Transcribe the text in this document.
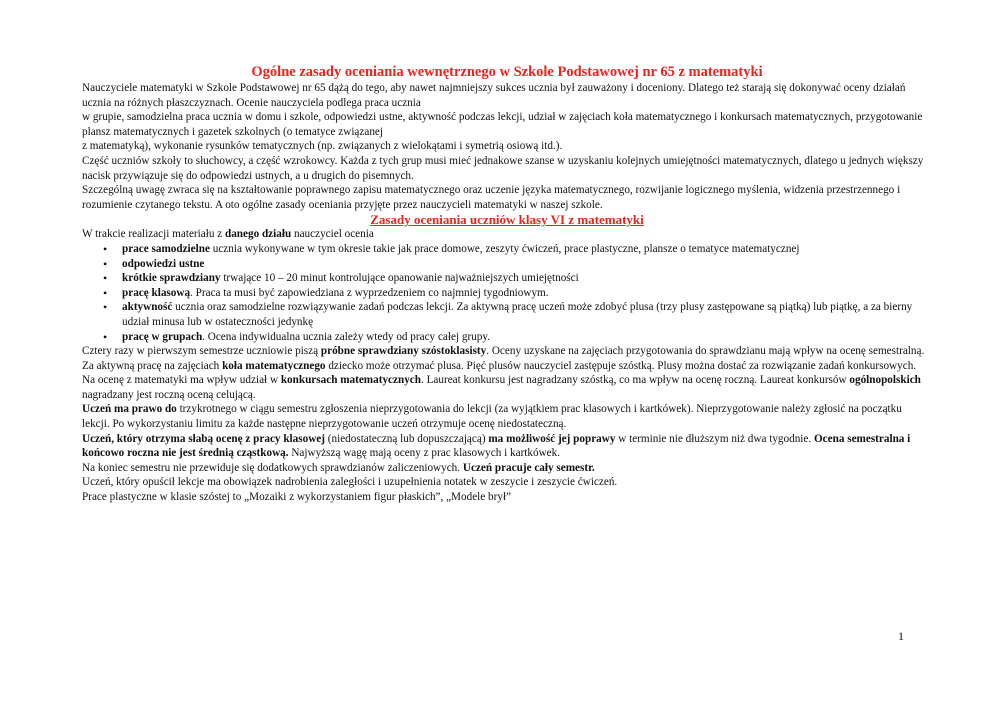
Ogólne zasady oceniania wewnętrznego w Szkole Podstawowej nr 65 z matematyki

Nauczyciele matematyki w Szkole Podstawowej nr 65 dążą do tego, aby nawet najmniejszy sukces ucznia był zauważony i doceniony. Dlatego też starają się dokonywać oceny działań ucznia na różnych płaszczyznach. Ocenie nauczyciela podlega praca ucznia

w grupie, samodzielna praca ucznia w domu i szkole, odpowiedzi ustne, aktywność podczas lekcji, udział w zajęciach koła matematycznego i konkursach matematycznych, przygotowanie plansz matematycznych i gazetek szkolnych (o tematyce związanej

z matematyką), wykonanie rysunków tematycznych (np. związanych z wielokątami i symetrią osiową itd.).

Część uczniów szkoły to słuchowcy, a część wzrokowcy. Każda z tych grup musi mieć jednakowe szanse w uzyskaniu kolejnych umiejętności matematycznych, dlatego u jednych większy nacisk przywiązuje się do odpowiedzi ustnych, a u drugich do pisemnych.

Szczególną uwagę zwraca się na kształtowanie poprawnego zapisu matematycznego oraz uczenie języka matematycznego, rozwijanie logicznego myślenia, widzenia przestrzennego i rozumienie czytanego tekstu. A oto ogólne zasady oceniania przyjęte przez nauczycieli matematyki w naszej szkole.

Zasady oceniania uczniów klasy VI z matematyki

W trakcie realizacji materiału z danego działu nauczyciel ocenia

• prace samodzielne ucznia wykonywane w tym okresie takie jak prace domowe, zeszyty ćwiczeń, prace plastyczne, plansze o tematyce matematycznej
• odpowiedzi ustne
• krótkie sprawdziany trwające 10 – 20 minut kontrolujące opanowanie najważniejszych umiejętności
• pracę klasową. Praca ta musi być zapowiedziana z wyprzedzeniem co najmniej tygodniowym.
• aktywność ucznia oraz samodzielne rozwiązywanie zadań podczas lekcji. Za aktywną pracę uczeń może zdobyć plusa (trzy plusy zastępowane są piątką) lub piątkę, a za bierny udział minusa lub w ostateczności jedynkę
• pracę w grupach. Ocena indywidualna ucznia zależy wtedy od pracy całej grupy.

Cztery razy w pierwszym semestrze uczniowie piszą próbne sprawdziany szóstoklasisty. Oceny uzyskane na zajęciach przygotowania do sprawdzianu mają wpływ na ocenę semestralną. Za aktywną pracę na zajęciach koła matematycznego dziecko może otrzymać plusa. Pięć plusów nauczyciel zastępuje szóstką. Plusy można dostać za rozwiązanie zadań konkursowych.

Na ocenę z matematyki ma wpływ udział w konkursach matematycznych. Laureat konkursu jest nagradzany szóstką, co ma wpływ na ocenę roczną. Laureat konkursów ogólnopolskich nagradzany jest roczną oceną celującą.

Uczeń ma prawo do trzykrotnego w ciągu semestru zgłoszenia nieprzygotowania do lekcji (za wyjątkiem prac klasowych i kartkówek). Nieprzygotowanie należy zgłosić na początku lekcji. Po wykorzystaniu limitu za każde następne nieprzygotowanie uczeń otrzymuje ocenę niedostateczną.

Uczeń, który otrzyma słabą ocenę z pracy klasowej (niedostateczną lub dopuszczającą) ma możliwość jej poprawy w terminie nie dłuższym niż dwa tygodnie. Ocena semestralna i końcowo roczna nie jest średnią cząstkową. Najwyższą wagę mają oceny z prac klasowych i kartkówek.

Na koniec semestru nie przewiduje się dodatkowych sprawdzianów zaliczeniowych. Uczeń pracuje cały semestr.

Uczeń, który opuścił lekcje ma obowiązek nadrobienia zaległości i uzupełnienia notatek w zeszycie i zeszycie ćwiczeń.

Prace plastyczne w klasie szóstej to „Mozaiki z wykorzystaniem figur płaskich”, „Modele brył”

1
